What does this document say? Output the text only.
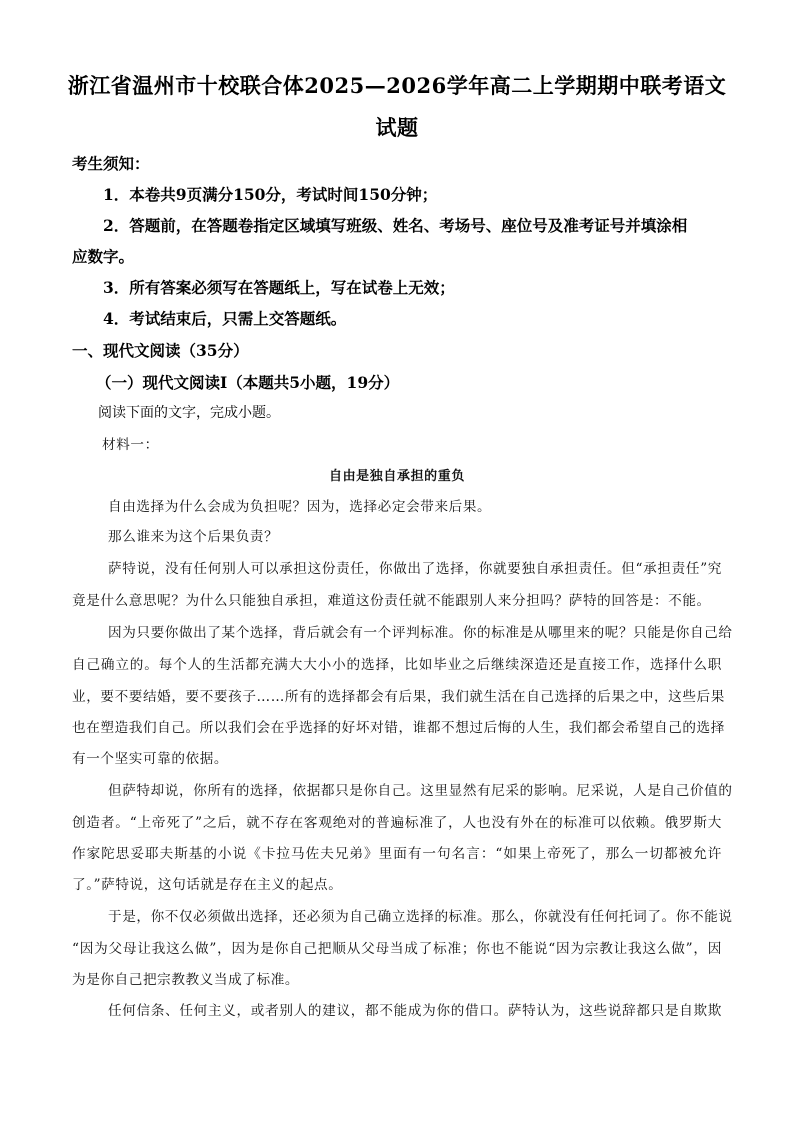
浙江省温州市十校联合体2025—2026学年高二上学期期中联考语文
试题
考生须知：
1．本卷共9页满分150分，考试时间150分钟；
2．答题前，在答题卷指定区域填写班级、姓名、考场号、座位号及准考证号并填涂相
应数字。
3．所有答案必须写在答题纸上，写在试卷上无效；
4．考试结束后，只需上交答题纸。
一、现代文阅读（35分）
（一）现代文阅读Ⅰ（本题共5小题，19分）
阅读下面的文字，完成小题。
材料一：
自由是独自承担的重负
自由选择为什么会成为负担呢？因为，选择必定会带来后果。
那么谁来为这个后果负责？
萨特说，没有任何别人可以承担这份责任，你做出了选择，你就要独自承担责任。但“承担责任”究
竟是什么意思呢？为什么只能独自承担，难道这份责任就不能跟别人来分担吗？萨特的回答是：不能。
因为只要你做出了某个选择，背后就会有一个评判标准。你的标准是从哪里来的呢？只能是你自己给
自己确立的。每个人的生活都充满大大小小的选择，比如毕业之后继续深造还是直接工作，选择什么职
业，要不要结婚，要不要孩子……所有的选择都会有后果，我们就生活在自己选择的后果之中，这些后果
也在塑造我们自己。所以我们会在乎选择的好坏对错，谁都不想过后悔的人生，我们都会希望自己的选择
有一个坚实可靠的依据。
但萨特却说，你所有的选择，依据都只是你自己。这里显然有尼采的影响。尼采说，人是自己价值的
创造者。“上帝死了”之后，就不存在客观绝对的普遍标准了，人也没有外在的标准可以依赖。俄罗斯大
作家陀思妥耶夫斯基的小说《卡拉马佐夫兄弟》里面有一句名言：“如果上帝死了，那么一切都被允许
了。”萨特说，这句话就是存在主义的起点。
于是，你不仅必须做出选择，还必须为自己确立选择的标准。那么，你就没有任何托词了。你不能说
“因为父母让我这么做”，因为是你自己把顺从父母当成了标准；你也不能说“因为宗教让我这么做”，因
为是你自己把宗教教义当成了标准。
任何信条、任何主义，或者别人的建议，都不能成为你的借口。萨特认为，这些说辞都只是自欺欺
